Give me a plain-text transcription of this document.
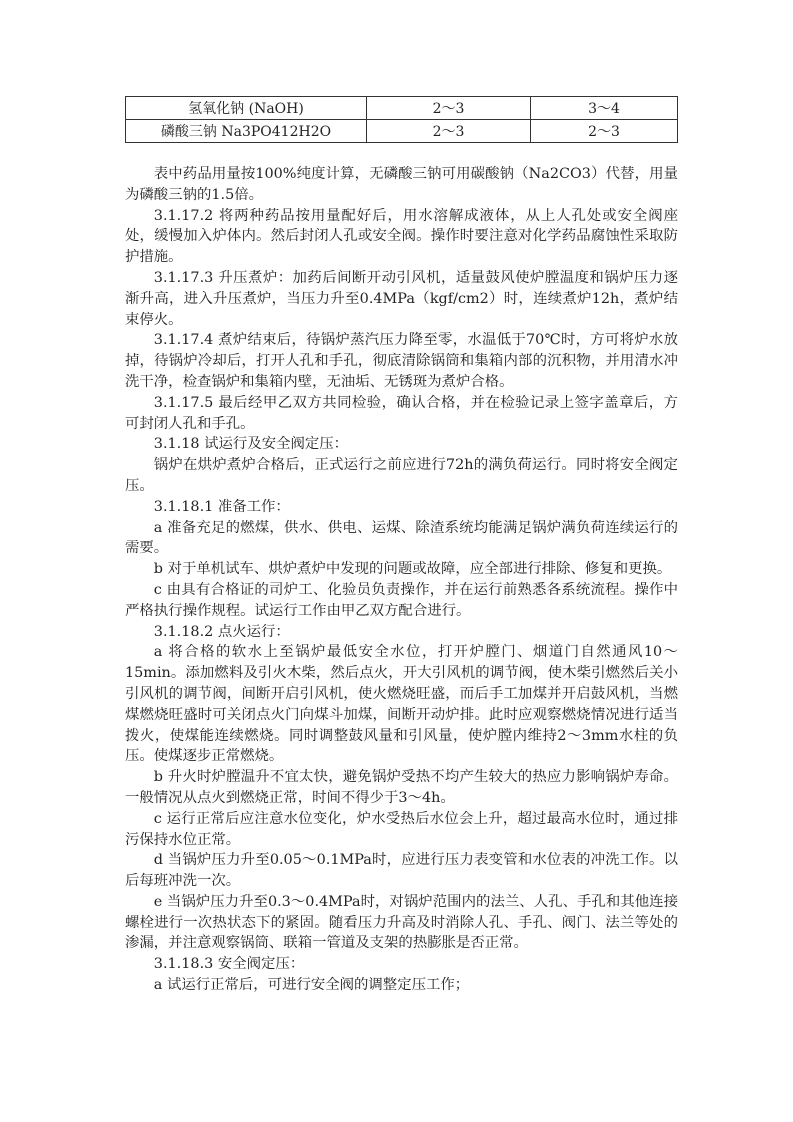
氢氧化钠 (NaOH)	2～3	3～4
磷酸三钠 Na3PO412H2O	2～3	2～3

表中药品用量按100%纯度计算，无磷酸三钠可用碳酸钠（Na2CO3）代替，用量为磷酸三钠的1.5倍。

3.1.17.2 将两种药品按用量配好后，用水溶解成液体，从上人孔处或安全阀座处，缓慢加入炉体内。然后封闭人孔或安全阀。操作时要注意对化学药品腐蚀性采取防护措施。

3.1.17.3 升压煮炉：加药后间断开动引风机，适量鼓风使炉膛温度和锅炉压力逐渐升高，进入升压煮炉，当压力升至0.4MPa（kgf/cm2）时，连续煮炉12h，煮炉结束停火。

3.1.17.4 煮炉结束后，待锅炉蒸汽压力降至零，水温低于70℃时，方可将炉水放掉，待锅炉冷却后，打开人孔和手孔，彻底清除锅筒和集箱内部的沉积物，并用清水冲洗干净，检查锅炉和集箱内壁，无油垢、无锈斑为煮炉合格。

3.1.17.5 最后经甲乙双方共同检验，确认合格，并在检验记录上签字盖章后，方可封闭人孔和手孔。

3.1.18 试运行及安全阀定压：

锅炉在烘炉煮炉合格后，正式运行之前应进行72h的满负荷运行。同时将安全阀定压。

3.1.18.1 准备工作：

a 准备充足的燃煤，供水、供电、运煤、除渣系统均能满足锅炉满负荷连续运行的需要。

b 对于单机试车、烘炉煮炉中发现的问题或故障，应全部进行排除、修复和更换。

c 由具有合格证的司炉工、化验员负责操作，并在运行前熟悉各系统流程。操作中严格执行操作规程。试运行工作由甲乙双方配合进行。

3.1.18.2 点火运行：

a 将合格的软水上至锅炉最低安全水位，打开炉膛门、烟道门自然通风10～15min。添加燃料及引火木柴，然后点火，开大引风机的调节阀，使木柴引燃然后关小引风机的调节阀，间断开启引风机，使火燃烧旺盛，而后手工加煤并开启鼓风机，当燃煤燃烧旺盛时可关闭点火门向煤斗加煤，间断开动炉排。此时应观察燃烧情况进行适当拨火，使煤能连续燃烧。同时调整鼓风量和引风量，使炉膛内维持2～3mm水柱的负压。使煤逐步正常燃烧。

b 升火时炉膛温升不宜太快，避免锅炉受热不均产生较大的热应力影响锅炉寿命。一般情况从点火到燃烧正常，时间不得少于3～4h。

c 运行正常后应注意水位变化，炉水受热后水位会上升，超过最高水位时，通过排污保持水位正常。

d 当锅炉压力升至0.05～0.1MPa时，应进行压力表变管和水位表的冲洗工作。以后每班冲洗一次。

e 当锅炉压力升至0.3～0.4MPa时，对锅炉范围内的法兰、人孔、手孔和其他连接螺栓进行一次热状态下的紧固。随看压力升高及时消除人孔、手孔、阀门、法兰等处的渗漏，并注意观察锅筒、联箱一管道及支架的热膨胀是否正常。

3.1.18.3 安全阀定压：

a 试运行正常后，可进行安全阀的调整定压工作；
